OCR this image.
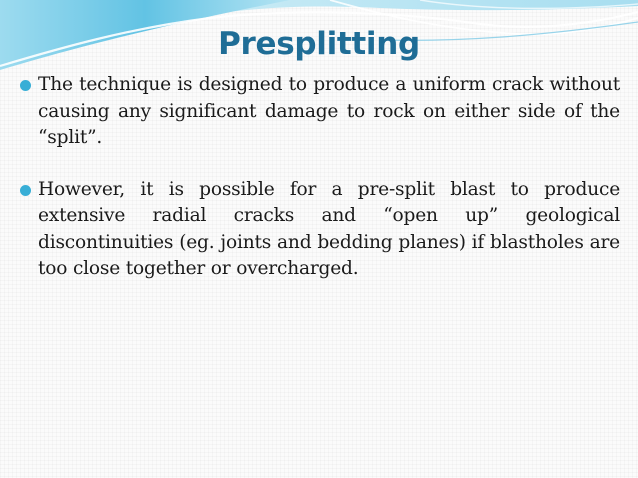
Presplitting
The technique is designed to produce a uniform crack without causing any significant damage to rock on either side of the “split”.
However, it is possible for a pre-split blast to produce extensive radial cracks and “open up” geological discontinuities (eg. joints and bedding planes) if blastholes are too close together or overcharged.
